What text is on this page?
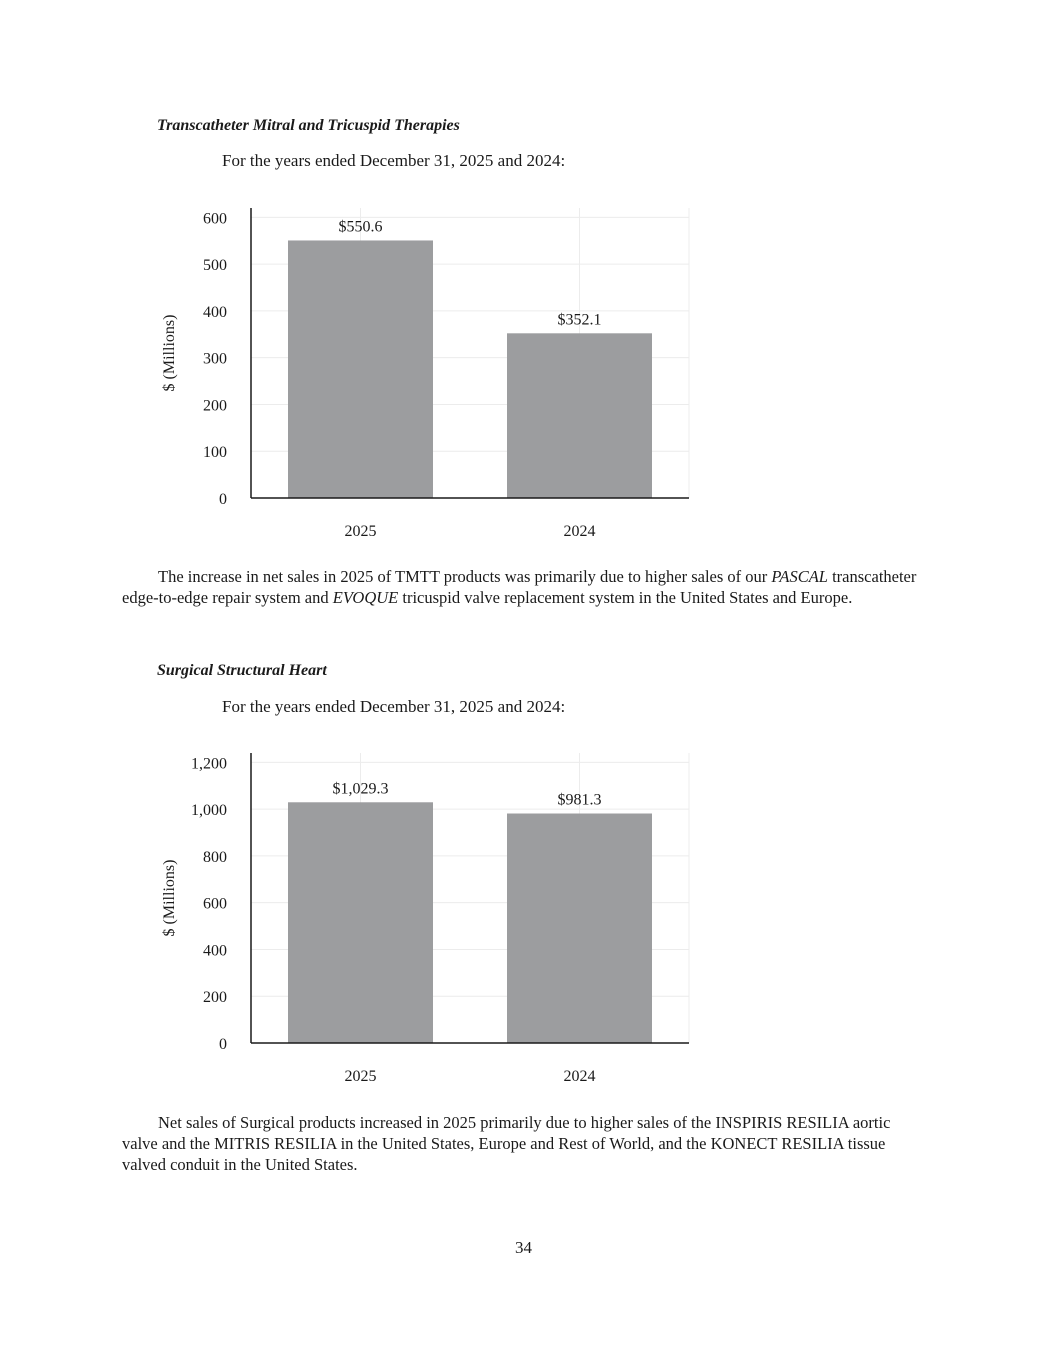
Transcatheter Mitral and Tricuspid Therapies
For the years ended December 31, 2025 and 2024:
$550.6
2025
$352.1
2024
0
100
200
300
400
500
600
$ (Millions)
The increase in net sales in 2025 of TMTT products was primarily due to higher sales of our PASCAL transcatheter edge-to-edge repair system and EVOQUE tricuspid valve replacement system in the United States and Europe.
Surgical Structural Heart
For the years ended December 31, 2025 and 2024:
$1,029.3
2025
$981.3
2024
0
200
400
600
800
1,000
1,200
$ (Millions)
Net sales of Surgical products increased in 2025 primarily due to higher sales of the INSPIRIS RESILIA aortic valve and the MITRIS RESILIA in the United States, Europe and Rest of World, and the KONECT RESILIA tissue valved conduit in the United States.
34
